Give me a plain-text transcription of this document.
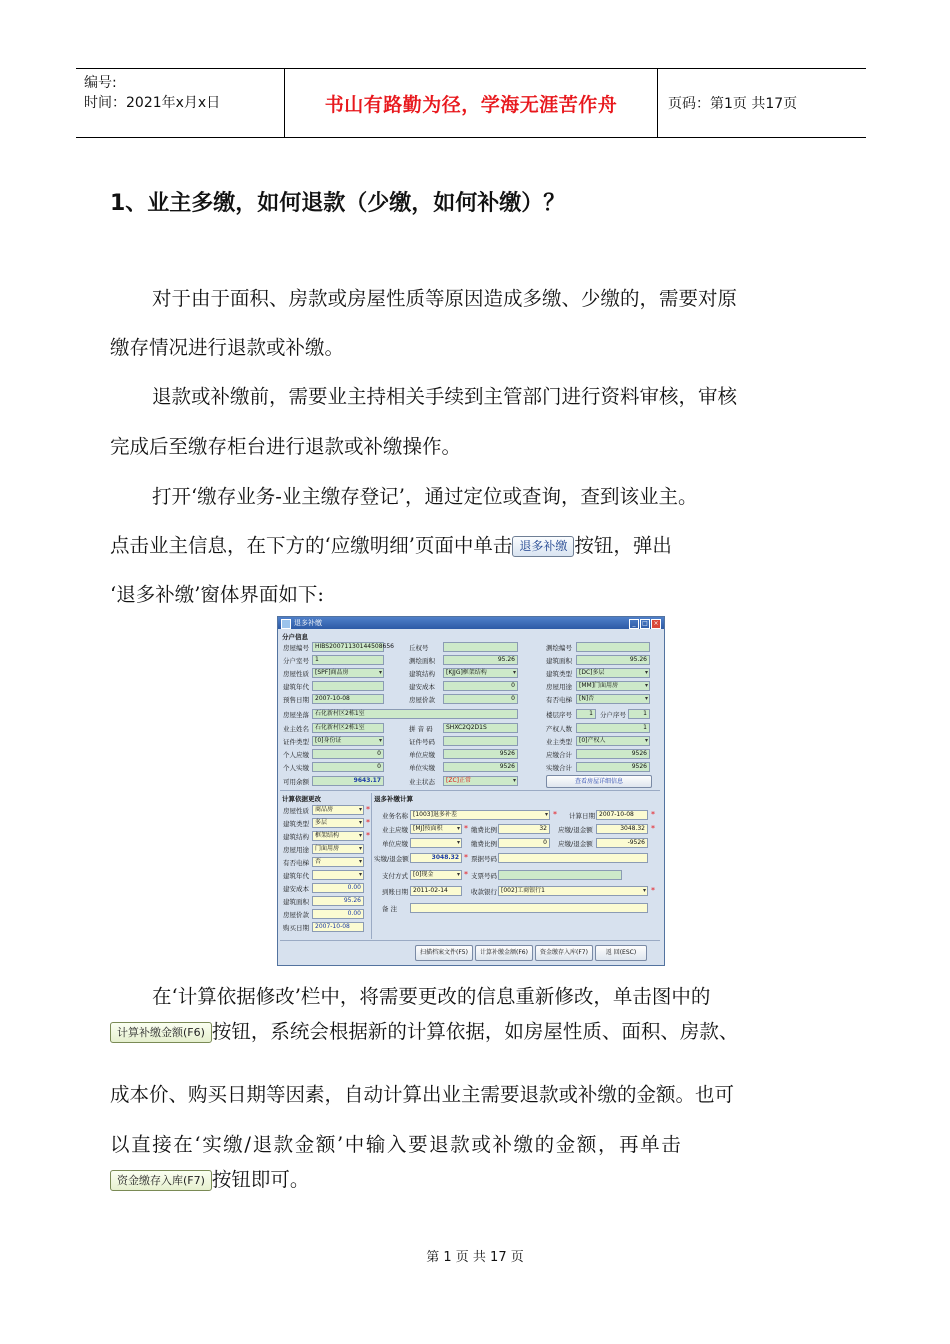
编号:
时间：2021年x月x日	书山有路勤为径，学海无涯苦作舟	页码：第1页 共17页
1、业主多缴，如何退款（少缴，如何补缴）？
对于由于面积、房款或房屋性质等原因造成多缴、少缴的，需要对原
缴存情况进行退款或补缴。
退款或补缴前，需要业主持相关手续到主管部门进行资料审核，审核
完成后至缴存柜台进行退款或补缴操作。
打开‘缴存业务-业主缴存登记’，通过定位或查询，查到该业主。
点击业主信息，在下方的‘应缴明细’页面中单击 退多补缴 按钮，弹出
‘退多补缴’窗体界面如下:
退多补缴	_	□ ×
分户信息
房屋编号	HIBS20071130144508656 丘权号	测绘编号
分户室号	1	测绘面积	95.26	建筑面积	95.26
房屋性质	[SPF]商品房 ▾	建筑结构	[KJJG]框架结构 ▾	建筑类型	[DC]多层 ▾
建筑年代	建安成本	0	房屋用途	[MM]门面用房 ▾
预售日期	2007-10-08	房屋价款	0	有否电梯	[N]否 ▾
房屋坐落	石化新村区2栋1室	楼层序号	1	分户序号	1
业主姓名	石化新村区2栋1室	拼 音 码	SHXC2Q2D1S	产权人数	1
证件类型	[0]身份证 ▾	证件号码	业主类型	[0]产权人 ▾
个人应缴	0	单位应缴	9526	应缴合计	9526
个人实缴	0	单位实缴	9526	实缴合计	9526
可用余额	9643.17	业主状态	[ZC]正常 ▾	查看房屋详细信息
计算依据更改
房屋性质	商品房 ▾	*
建筑类型	多层 ▾	*
建筑结构	框架结构 ▾	*
房屋用途	门面用房 ▾
有否电梯	否 ▾
建筑年代
▾
建安成本	0.00
建筑面积	95.26
房屋价款	0.00
购买日期	2007-10-08
退多补缴计算
业务名称 [1003]退多补差 ▾	* 计算日期 2007-10-08	*
业主应缴 [MJ]按面积 ▾	* 缴费比例	32	应缴/退金额	3048.32 *
单位应缴
▾	缴费比例	0	应缴/退金额	-9526
实缴/退金额	3048.32 * 票据号码
支付方式 [0]现金 ▾	* 支票号码
到账日期 2011-02-14	收款银行 [002]工商银行1 ▾	*
备 注
扫描档案文件(F5)	计算补缴金额(F6)	资金缴存入库(F7)	返 回(ESC)
在‘计算依据修改’栏中，将需要更改的信息重新修改，单击图中的
计算补缴金额(F6) 按钮，系统会根据新的计算依据，如房屋性质、面积、房款、
成本价、购买日期等因素，自动计算出业主需要退款或补缴的金额。也可
以直接在‘实缴/退款金额’中输入要退款或补缴的金额，再单击
资金缴存入库(F7) 按钮即可。
第 1 页 共 17 页
